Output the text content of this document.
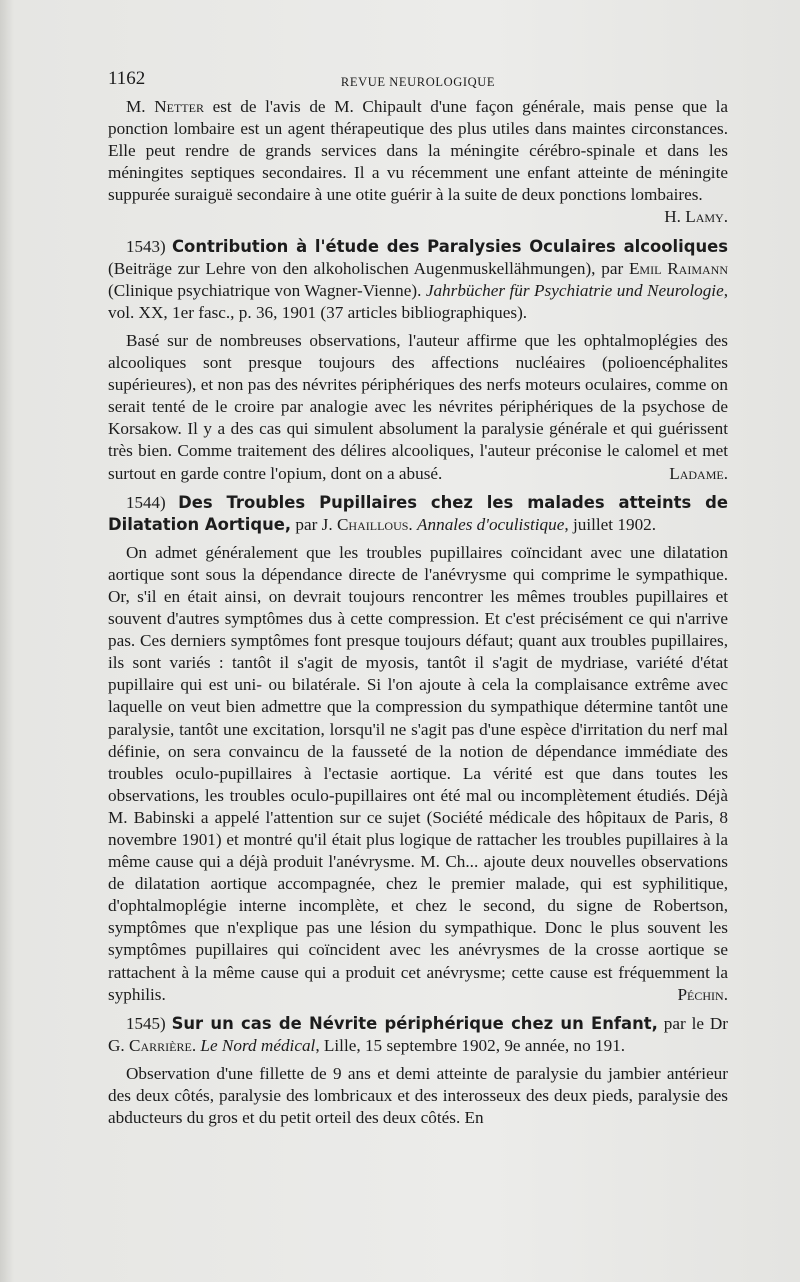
1162	REVUE NEUROLOGIQUE

M. Netter est de l'avis de M. Chipault d'une façon générale, mais pense que la ponction lombaire est un agent thérapeutique des plus utiles dans maintes circonstances. Elle peut rendre de grands services dans la méningite cérébro-spinale et dans les méningites septiques secondaires. Il a vu récemment une enfant atteinte de méningite suppurée suraiguë secondaire à une otite guérir à la suite de deux ponctions lombaires.
H. Lamy.

1543) Contribution à l'étude des Paralysies Oculaires alcooliques (Beiträge zur Lehre von den alkoholischen Augenmuskellähmungen), par Emil Raimann (Clinique psychiatrique von Wagner-Vienne). Jahrbücher für Psychiatrie und Neurologie, vol. XX, 1er fasc., p. 36, 1901 (37 articles bibliographiques).

Basé sur de nombreuses observations, l'auteur affirme que les ophtalmoplégies des alcooliques sont presque toujours des affections nucléaires (polioencéphalites supérieures), et non pas des névrites périphériques des nerfs moteurs oculaires, comme on serait tenté de le croire par analogie avec les névrites périphériques de la psychose de Korsakow. Il y a des cas qui simulent absolument la paralysie générale et qui guérissent très bien. Comme traitement des délires alcooliques, l'auteur préconise le calomel et met surtout en garde contre l'opium, dont on a abusé.	Ladame.

1544) Des Troubles Pupillaires chez les malades atteints de Dilatation Aortique, par J. Chaillous. Annales d'oculistique, juillet 1902.

On admet généralement que les troubles pupillaires coïncidant avec une dilatation aortique sont sous la dépendance directe de l'anévrysme qui comprime le sympathique. Or, s'il en était ainsi, on devrait toujours rencontrer les mêmes troubles pupillaires et souvent d'autres symptômes dus à cette compression. Et c'est précisément ce qui n'arrive pas. Ces derniers symptômes font presque toujours défaut; quant aux troubles pupillaires, ils sont variés : tantôt il s'agit de myosis, tantôt il s'agit de mydriase, variété d'état pupillaire qui est uni- ou bilatérale. Si l'on ajoute à cela la complaisance extrême avec laquelle on veut bien admettre que la compression du sympathique détermine tantôt une paralysie, tantôt une excitation, lorsqu'il ne s'agit pas d'une espèce d'irritation du nerf mal définie, on sera convaincu de la fausseté de la notion de dépendance immédiate des troubles oculo-pupillaires à l'ectasie aortique. La vérité est que dans toutes les observations, les troubles oculo-pupillaires ont été mal ou incomplètement étudiés. Déjà M. Babinski a appelé l'attention sur ce sujet (Société médicale des hôpitaux de Paris, 8 novembre 1901) et montré qu'il était plus logique de rattacher les troubles pupillaires à la même cause qui a déjà produit l'anévrysme. M. Ch... ajoute deux nouvelles observations de dilatation aortique accompagnée, chez le premier malade, qui est syphilitique, d'ophtalmoplégie interne incomplète, et chez le second, du signe de Robertson, symptômes que n'explique pas une lésion du sympathique. Donc le plus souvent les symptômes pupillaires qui coïncident avec les anévrysmes de la crosse aortique se rattachent à la même cause qui a produit cet anévrysme; cette cause est fréquemment la syphilis.	Péchin.

1545) Sur un cas de Névrite périphérique chez un Enfant, par le Dr G. Carrière. Le Nord médical, Lille, 15 septembre 1902, 9e année, no 191.

Observation d'une fillette de 9 ans et demi atteinte de paralysie du jambier antérieur des deux côtés, paralysie des lombricaux et des interosseux des deux pieds, paralysie des abducteurs du gros et du petit orteil des deux côtés. En
